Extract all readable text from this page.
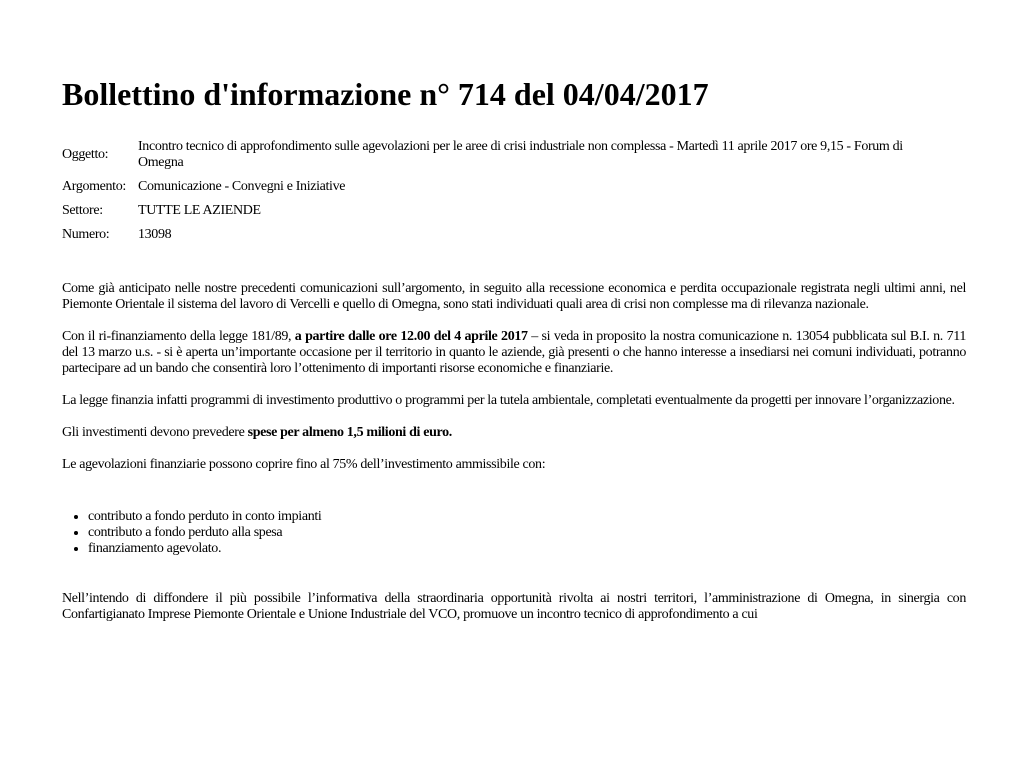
Bollettino d'informazione n° 714 del 04/04/2017
Oggetto:	Incontro tecnico di approfondimento sulle agevolazioni per le aree di crisi industriale non complessa - Martedì 11 aprile 2017 ore 9,15 - Forum di Omegna
Argomento:	Comunicazione - Convegni e Iniziative
Settore:	TUTTE LE AZIENDE
Numero:	13098

Come già anticipato nelle nostre precedenti comunicazioni sull’argomento, in seguito alla recessione economica e perdita occupazionale registrata negli ultimi anni, nel Piemonte Orientale il sistema del lavoro di Vercelli e quello di Omegna, sono stati individuati quali area di crisi non complesse ma di rilevanza nazionale.

Con il ri-finanziamento della legge 181/89, a partire dalle ore 12.00 del 4 aprile 2017 – si veda in proposito la nostra comunicazione n. 13054 pubblicata sul B.I. n. 711 del 13 marzo u.s. - si è aperta un’importante occasione per il territorio in quanto le aziende, già presenti o che hanno interesse a insediarsi nei comuni individuati, potranno partecipare ad un bando che consentirà loro l’ottenimento di importanti risorse economiche e finanziarie.

La legge finanzia infatti programmi di investimento produttivo o programmi per la tutela ambientale, completati eventualmente da progetti per innovare l’organizzazione.

Gli investimenti devono prevedere spese per almeno 1,5 milioni di euro.

Le agevolazioni finanziarie possono coprire fino al 75% dell’investimento ammissibile con:

• contributo a fondo perduto in conto impianti
• contributo a fondo perduto alla spesa
• finanziamento agevolato.

Nell’intendo di diffondere il più possibile l’informativa della straordinaria opportunità rivolta ai nostri territori, l’amministrazione di Omegna, in sinergia con Confartigianato Imprese Piemonte Orientale e Unione Industriale del VCO, promuove un incontro tecnico di approfondimento a cui
